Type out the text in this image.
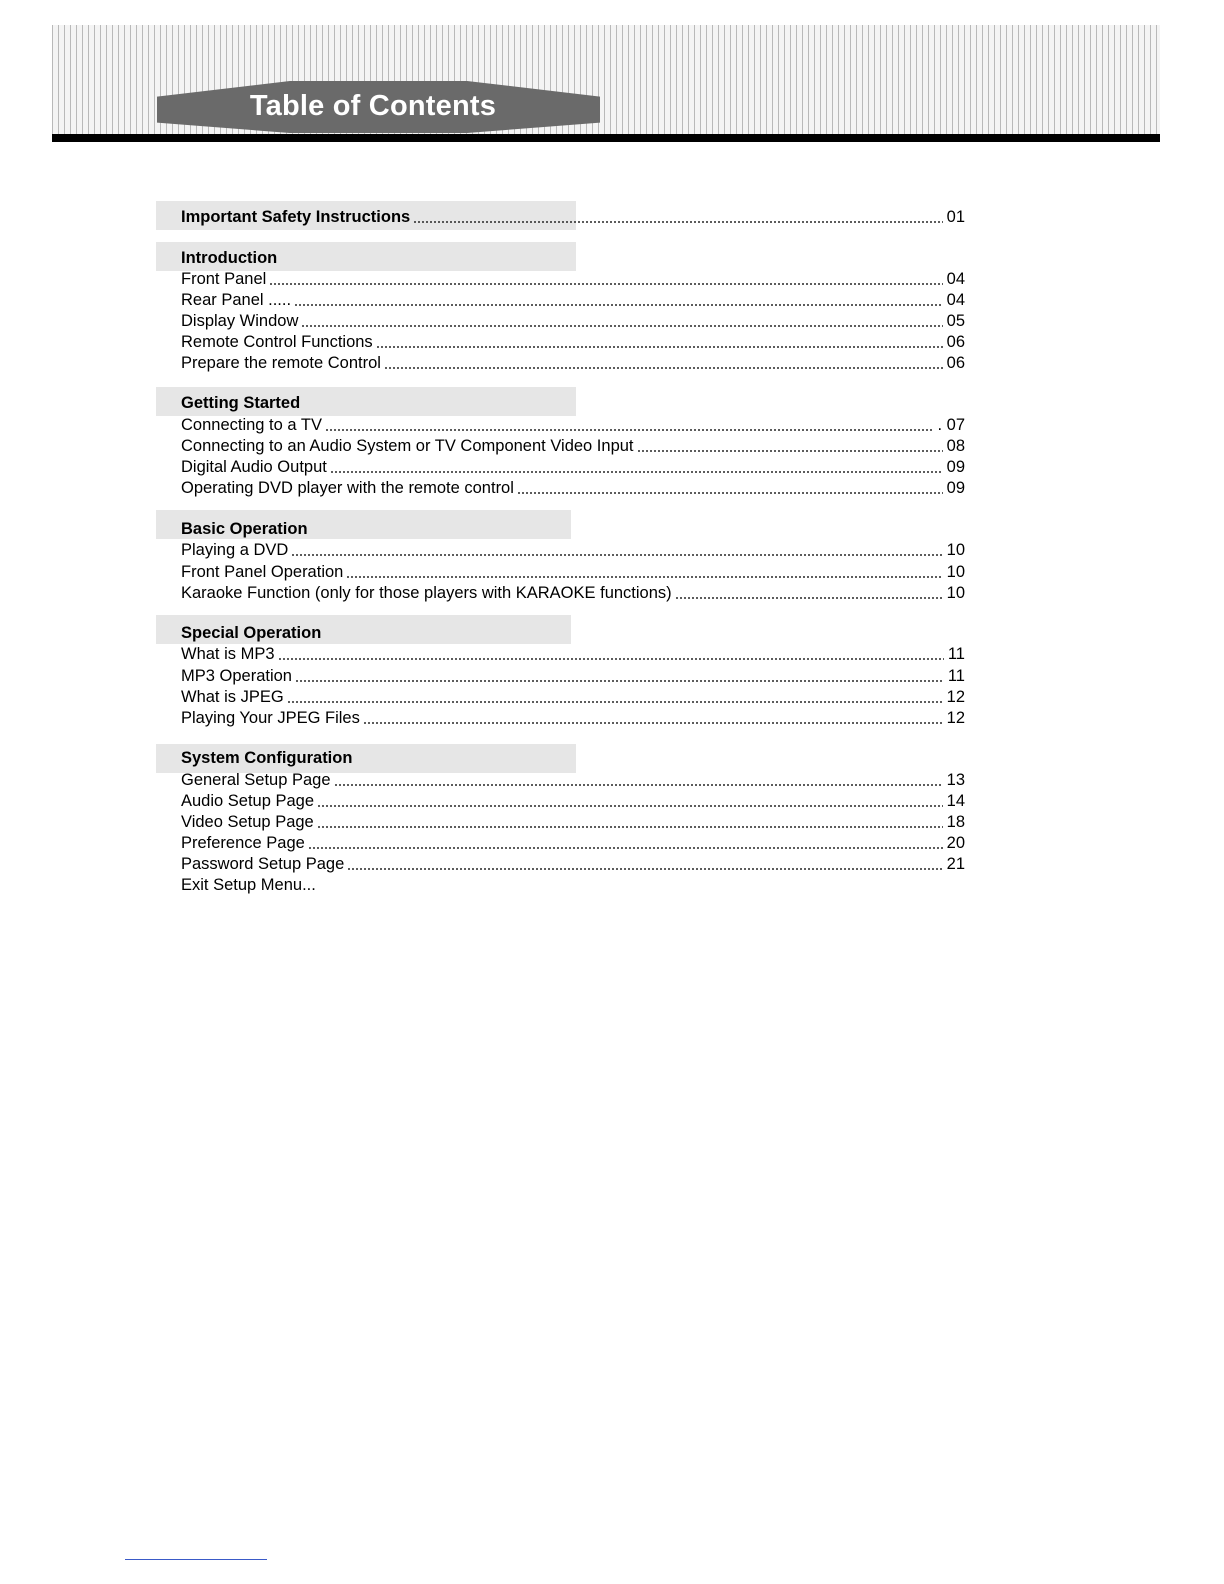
Table of Contents
Important Safety Instructions	01
Introduction
Front Panel	04
Rear Panel .....	04
Display Window	05
Remote Control Functions	06
Prepare the remote Control	06
Getting Started
Connecting to a TV	. 07
Connecting to an Audio System or TV Component Video Input	08
Digital Audio Output	09
Operating DVD player with the remote control	09
Basic Operation
Playing a DVD	10
Front Panel Operation	10
Karaoke Function (only for those players with KARAOKE functions)	10
Special Operation
What is MP3	11
MP3 Operation	11
What is JPEG	12
Playing Your JPEG Files	12
System Configuration
General Setup Page	13
Audio Setup Page	14
Video Setup Page	18
Preference Page	20
Password Setup Page	21
Exit Setup Menu...
